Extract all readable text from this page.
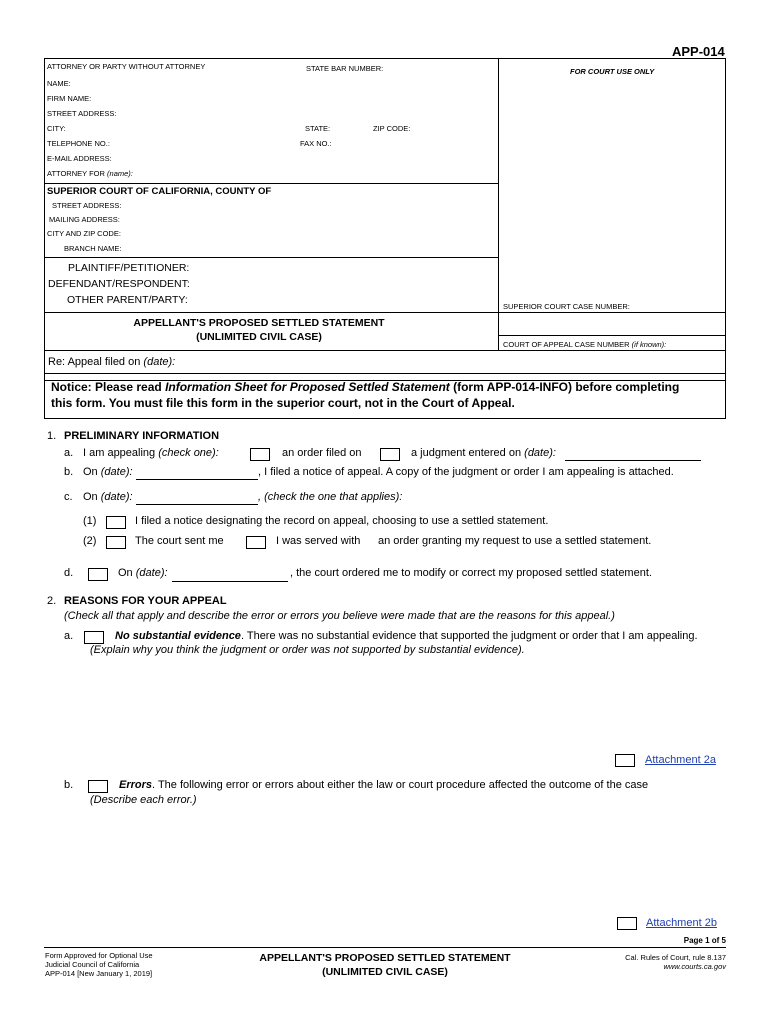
APP-014
ATTORNEY OR PARTY WITHOUT ATTORNEY	STATE BAR NUMBER:	FOR COURT USE ONLY
NAME:
FIRM NAME:
STREET ADDRESS:
CITY:	STATE:	ZIP CODE:
TELEPHONE NO.:	FAX NO.:
E-MAIL ADDRESS:
ATTORNEY FOR (name):
SUPERIOR COURT OF CALIFORNIA, COUNTY OF
STREET ADDRESS:
MAILING ADDRESS:
CITY AND ZIP CODE:
BRANCH NAME:
PLAINTIFF/PETITIONER:
DEFENDANT/RESPONDENT:
OTHER PARENT/PARTY:
SUPERIOR COURT CASE NUMBER:
APPELLANT'S PROPOSED SETTLED STATEMENT
(UNLIMITED CIVIL CASE)
COURT OF APPEAL CASE NUMBER (if known):
Re: Appeal filed on (date):
Notice: Please read Information Sheet for Proposed Settled Statement (form APP-014-INFO) before completing
this form. You must file this form in the superior court, not in the Court of Appeal.
1. PRELIMINARY INFORMATION
a. I am appealing (check one):	an order filed on	a judgment entered on (date):
b. On (date):	, I filed a notice of appeal. A copy of the judgment or order I am appealing is attached.
c. On (date):	, (check the one that applies):
(1)	I filed a notice designating the record on appeal, choosing to use a settled statement.
(2)	The court sent me	I was served with an order granting my request to use a settled statement.
d.	On (date):	, the court ordered me to modify or correct my proposed settled statement.
2. REASONS FOR YOUR APPEAL
(Check all that apply and describe the error or errors you believe were made that are the reasons for this appeal.)
a.	No substantial evidence. There was no substantial evidence that supported the judgment or order that I am appealing.
(Explain why you think the judgment or order was not supported by substantial evidence).
Attachment 2a
b.	Errors. The following error or errors about either the law or court procedure affected the outcome of the case
(Describe each error.)
Attachment 2b
Page 1 of 5
Form Approved for Optional Use
Judicial Council of California
APP-014 [New January 1, 2019]
APPELLANT'S PROPOSED SETTLED STATEMENT
(UNLIMITED CIVIL CASE)
Cal. Rules of Court, rule 8.137
www.courts.ca.gov
